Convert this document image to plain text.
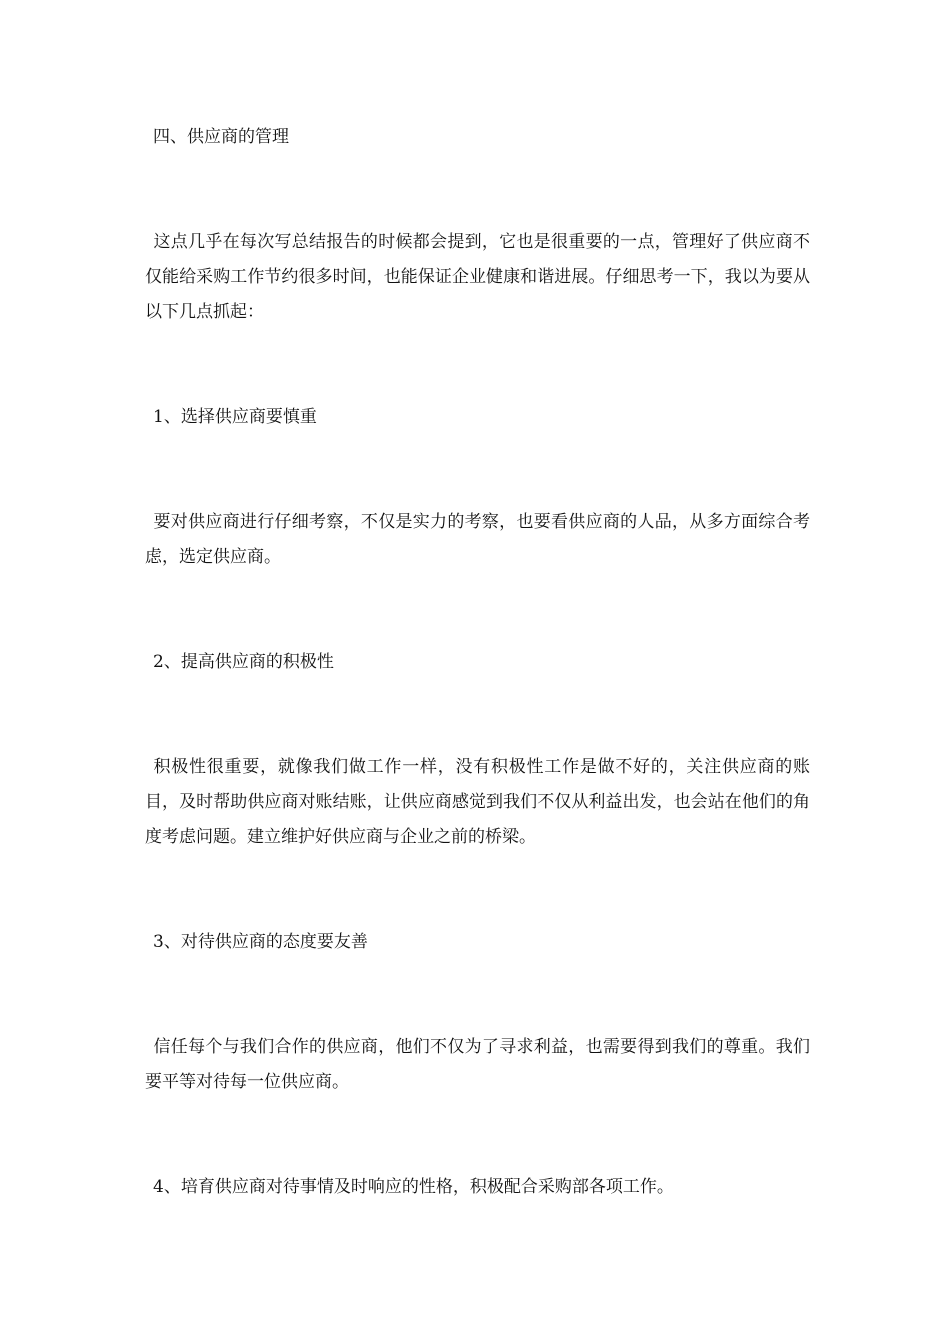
四、供应商的管理

这点几乎在每次写总结报告的时候都会提到，它也是很重要的一点，管理好了供应商不仅能给采购工作节约很多时间，也能保证企业健康和谐进展。仔细思考一下，我以为要从以下几点抓起：

1、选择供应商要慎重

要对供应商进行仔细考察，不仅是实力的考察，也要看供应商的人品，从多方面综合考虑，选定供应商。

2、提高供应商的积极性

积极性很重要，就像我们做工作一样，没有积极性工作是做不好的，关注供应商的账目，及时帮助供应商对账结账，让供应商感觉到我们不仅从利益出发，也会站在他们的角度考虑问题。建立维护好供应商与企业之前的桥梁。

3、对待供应商的态度要友善

信任每个与我们合作的供应商，他们不仅为了寻求利益，也需要得到我们的尊重。我们要平等对待每一位供应商。

4、培育供应商对待事情及时响应的性格，积极配合采购部各项工作。
